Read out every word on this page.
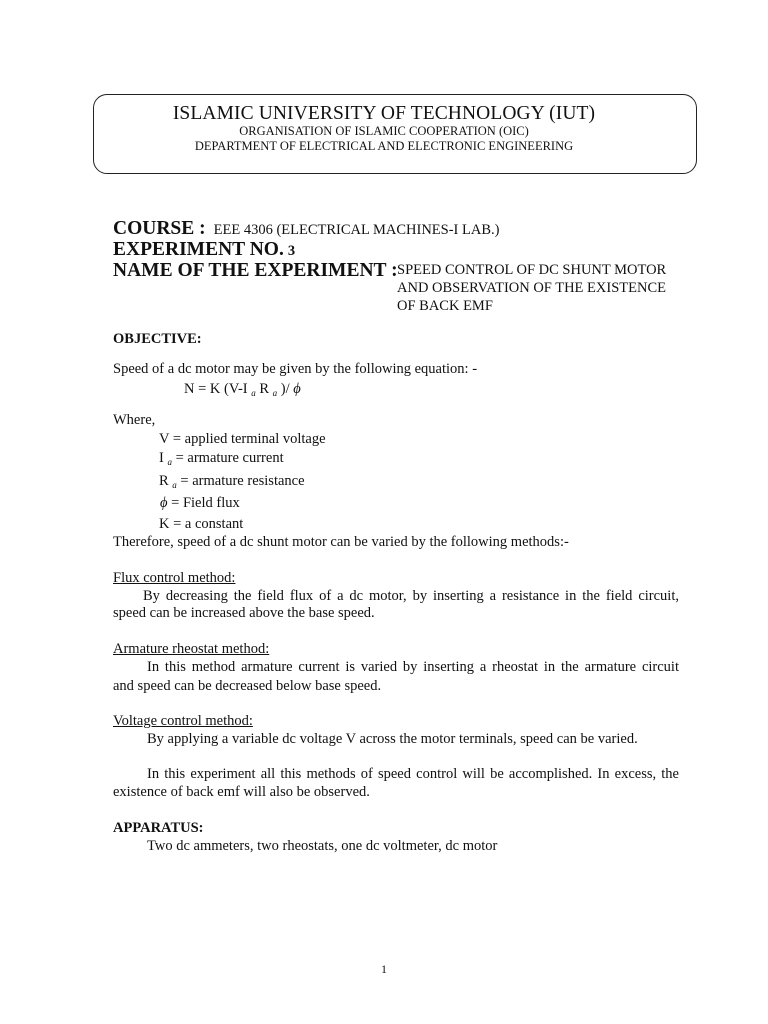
ISLAMIC UNIVERSITY OF TECHNOLOGY (IUT)
ORGANISATION OF ISLAMIC COOPERATION (OIC)
DEPARTMENT OF ELECTRICAL AND ELECTRONIC ENGINEERING
COURSE : EEE 4306 (ELECTRICAL MACHINES-I LAB.)
EXPERIMENT NO. 3
NAME OF THE EXPERIMENT : SPEED CONTROL OF DC SHUNT MOTOR
AND OBSERVATION OF THE EXISTENCE
OF BACK EMF
OBJECTIVE:
Speed of a dc motor may be given by the following equation: -
N = K (V-I $_a$ R $_a$ )/ ϕ
Where,
V = applied terminal voltage
I $_a$ = armature current
R $_a$ = armature resistance
ϕ = Field flux
K = a constant
Therefore, speed of a dc shunt motor can be varied by the following methods:-
Flux control method:
By decreasing the field flux of a dc motor, by inserting a resistance in the field circuit,
speed can be increased above the base speed.
Armature rheostat method:
In this method armature current is varied by inserting a rheostat in the armature circuit
and speed can be decreased below base speed.
Voltage control method:
By applying a variable dc voltage V across the motor terminals, speed can be varied.
In this experiment all this methods of speed control will be accomplished. In excess, the
existence of back emf will also be observed.
APPARATUS:
Two dc ammeters, two rheostats, one dc voltmeter, dc motor
1
